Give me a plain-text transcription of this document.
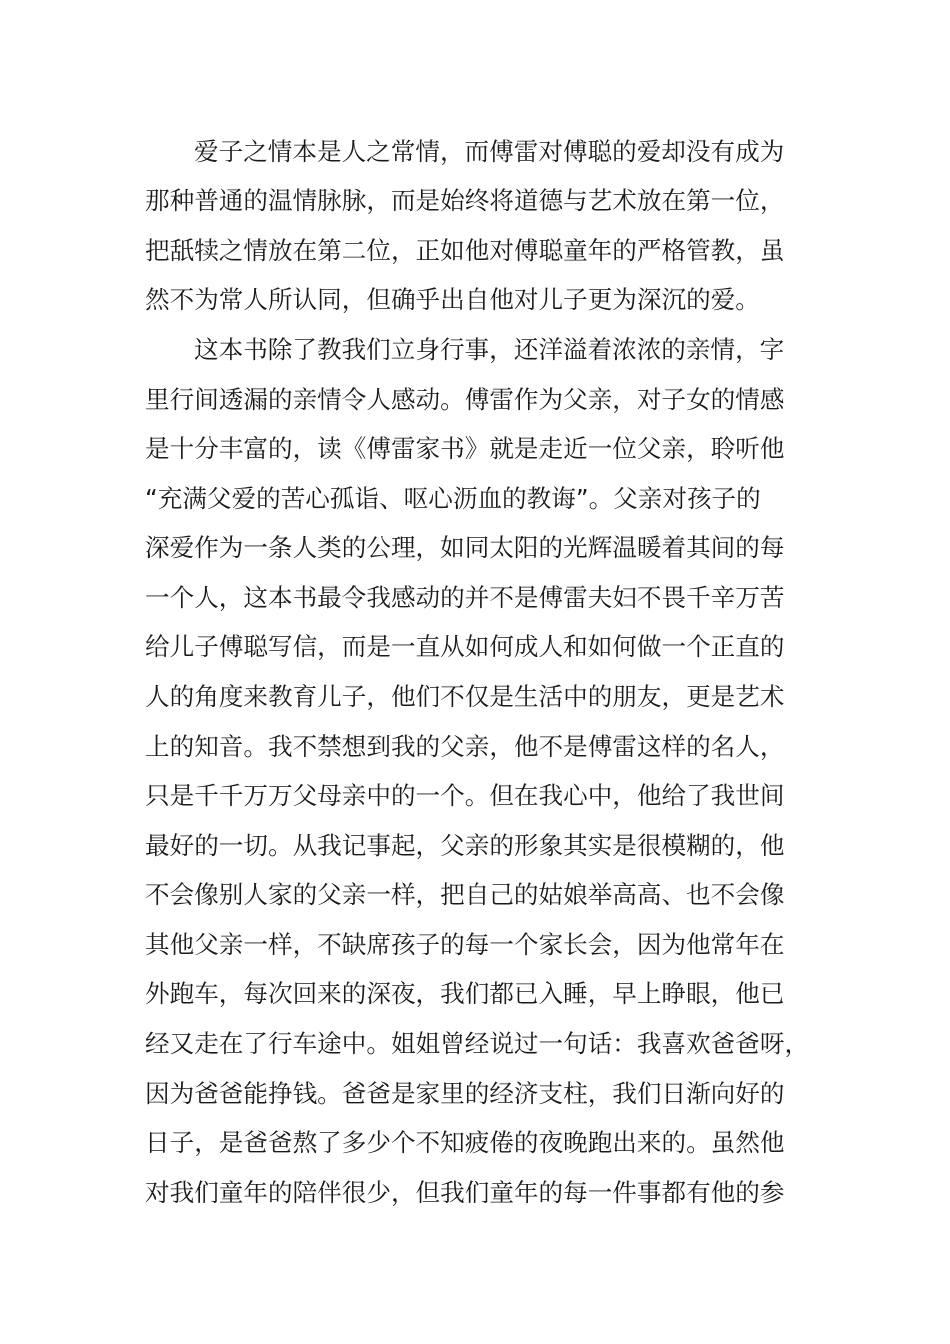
爱子之情本是人之常情，而傅雷对傅聪的爱却没有成为
那种普通的温情脉脉，而是始终将道德与艺术放在第一位，
把舐犊之情放在第二位，正如他对傅聪童年的严格管教，虽
然不为常人所认同，但确乎出自他对儿子更为深沉的爱。
这本书除了教我们立身行事，还洋溢着浓浓的亲情，字
里行间透漏的亲情令人感动。傅雷作为父亲，对子女的情感
是十分丰富的，读《傅雷家书》就是走近一位父亲，聆听他
“充满父爱的苦心孤诣、呕心沥血的教诲”。父亲对孩子的
深爱作为一条人类的公理，如同太阳的光辉温暖着其间的每
一个人，这本书最令我感动的并不是傅雷夫妇不畏千辛万苦
给儿子傅聪写信，而是一直从如何成人和如何做一个正直的
人的角度来教育儿子，他们不仅是生活中的朋友，更是艺术
上的知音。我不禁想到我的父亲，他不是傅雷这样的名人，
只是千千万万父母亲中的一个。但在我心中，他给了我世间
最好的一切。从我记事起，父亲的形象其实是很模糊的，他
不会像别人家的父亲一样，把自己的姑娘举高高、也不会像
其他父亲一样，不缺席孩子的每一个家长会，因为他常年在
外跑车，每次回来的深夜，我们都已入睡，早上睁眼，他已
经又走在了行车途中。姐姐曾经说过一句话：我喜欢爸爸呀，
因为爸爸能挣钱。爸爸是家里的经济支柱，我们日渐向好的
日子，是爸爸熬了多少个不知疲倦的夜晚跑出来的。虽然他
对我们童年的陪伴很少，但我们童年的每一件事都有他的参
